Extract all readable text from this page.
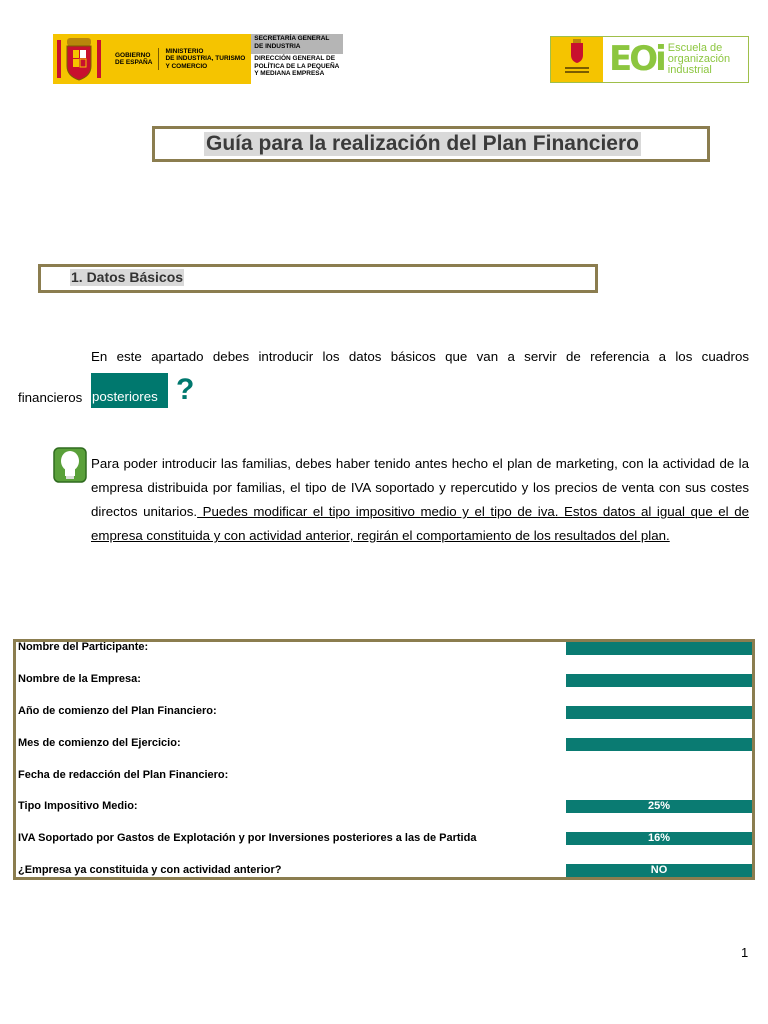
GOBIERNO
DE ESPAÑA
MINISTERIO
DE INDUSTRIA, TURISMO
Y COMERCIO
SECRETARÍA GENERAL
DE INDUSTRIA
DIRECCIÓN GENERAL DE
POLÍTICA DE LA PEQUEÑA
Y MEDIANA EMPRESA	EOi Escuela de
organización
industrial
Guía para la realización del Plan Financiero
1. Datos Básicos
En este apartado debes introducir los datos básicos que van a servir de referencia a los cuadros
financieros posteriores ?
Para poder introducir las familias, debes haber tenido antes hecho el plan de marketing, con la actividad de la empresa distribuida por familias, el tipo de IVA soportado y repercutido y los precios de venta con sus costes directos unitarios. Puedes modificar el tipo impositivo medio y el tipo de iva. Estos datos al igual que el de empresa constituida y con actividad anterior, regirán el comportamiento de los resultados del plan.
Nombre del Participante:
Nombre de la Empresa:
Año de comienzo del Plan Financiero:
Mes de comienzo del Ejercicio:
Fecha de redacción del Plan Financiero:
Tipo Impositivo Medio:	25%
IVA Soportado por Gastos de Explotación y por Inversiones posteriores a las de Partida	16%
¿Empresa ya constituida y con actividad anterior?	NO
1
